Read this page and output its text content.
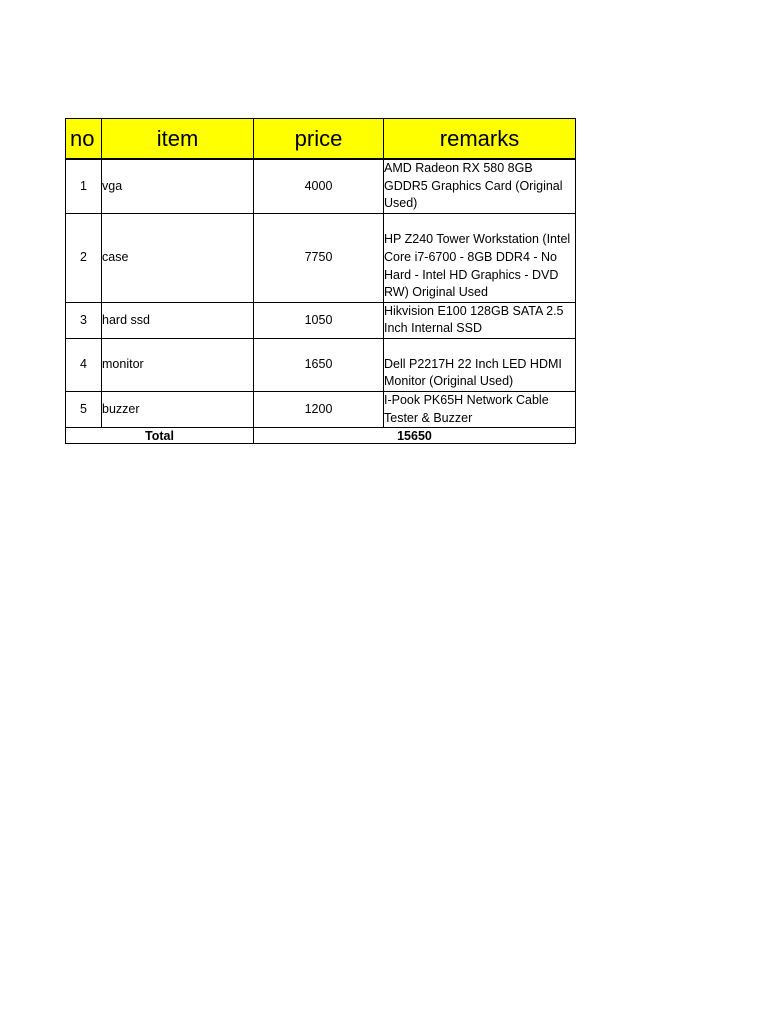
no	item	price	remarks
1	vga	4000	AMD Radeon RX 580 8GB GDDR5 Graphics Card (Original Used)
2	case	7750	HP Z240 Tower Workstation (Intel Core i7-6700 - 8GB DDR4 - No Hard - Intel HD Graphics - DVD RW) Original Used
3	hard ssd	1050	Hikvision E100 128GB SATA 2.5 Inch Internal SSD
4	monitor	1650	Dell P2217H 22 Inch LED HDMI Monitor (Original Used)
5	buzzer	1200	I-Pook PK65H Network Cable Tester & Buzzer
Total		15650	
